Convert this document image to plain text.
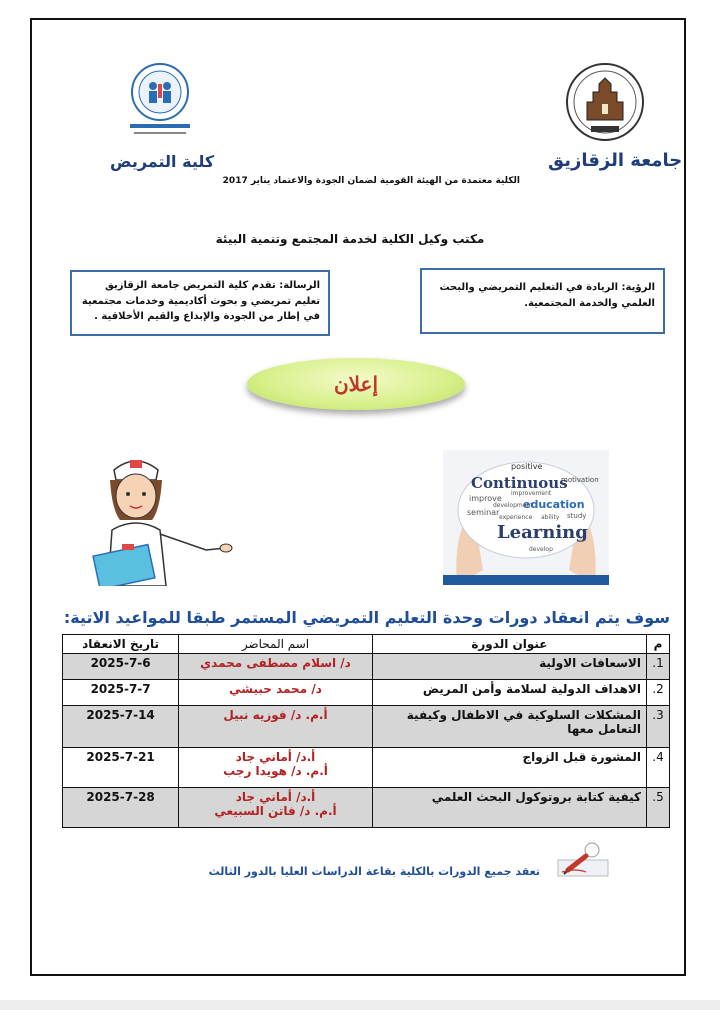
جامعة الزقازيق
كلية التمريض
الكلية معتمدة من الهيئة القومية لضمان الجودة والاعتماد يناير 2017
مكتب وكيل الكلية لخدمة المجتمع وتنمية البيئة
الرؤية: الريادة في التعليم التمريضي والبحث العلمي والخدمة المجتمعية.
الرسالة: تقدم كلية التمريض جامعة الزقازيق تعليم تمريضي و بحوث أكاديمية وخدمات مجتمعية في إطار من الجودة والإبداع والقيم الأخلاقية .
إعلان
positive
Continuous
motivation
improve
improvement
education
seminar
development
experience ability study
Learning
develop
سوف يتم انعقاد دورات وحدة التعليم التمريضي المستمر طبقا للمواعيد الاتية:
م	عنوان الدورة	اسم المحاضر	تاريخ الانعقاد
1.	الاسعافات الاولية	د/ اسلام مصطفى محمدي	2025-7-6
2.	الاهداف الدولية لسلامة وأمن المريض	د/ محمد حبيشي	2025-7-7
3.	المشكلات السلوكية في الاطفال وكيفية التعامل معها	أ.م. د/ فوزيه نبيل	2025-7-14
4.	المشورة قبل الزواج	أ.د/ أماني جاد
أ.م. د/ هويدا رجب	2025-7-21
5.	كيفية كتابة بروتوكول البحث العلمي	أ.د/ أماني جاد
أ.م. د/ فاتن السبيعي	2025-7-28
تعقد جميع الدورات بالكلية بقاعة الدراسات العليا بالدور الثالث
